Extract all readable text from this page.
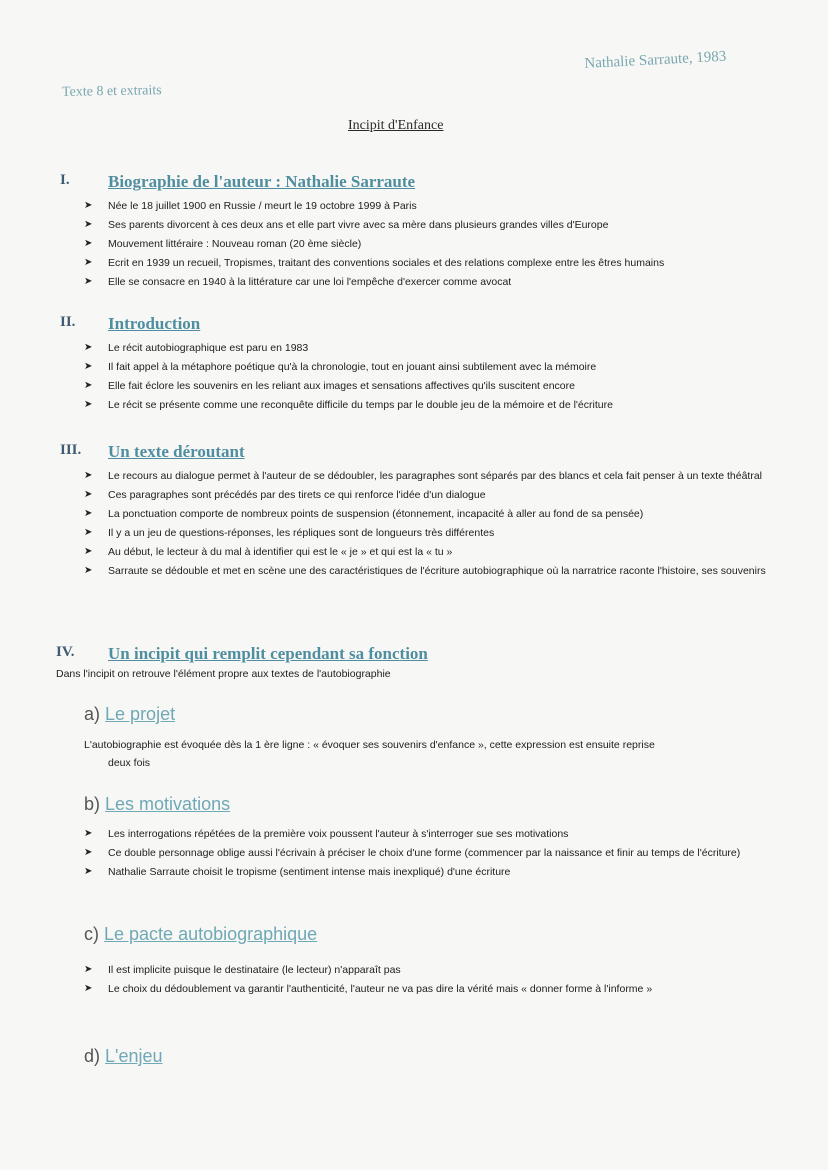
Texte 8 et extraits
Nathalie Sarraute, 1983
Incipit d'Enfance
I. Biographie de l'auteur : Nathalie Sarraute
➤ Née le 18 juillet 1900 en Russie / meurt le 19 octobre 1999 à Paris
➤ Ses parents divorcent à ces deux ans et elle part vivre avec sa mère dans plusieurs grandes villes d'Europe
➤ Mouvement littéraire : Nouveau roman (20 ème siècle)
➤ Ecrit en 1939 un recueil, Tropismes, traitant des conventions sociales et des relations complexe entre les êtres humains
➤ Elle se consacre en 1940 à la littérature car une loi l'empêche d'exercer comme avocat
II. Introduction
➤ Le récit autobiographique est paru en 1983
➤ Il fait appel à la métaphore poétique qu'à la chronologie, tout en jouant ainsi subtilement avec la mémoire
➤ Elle fait éclore les souvenirs en les reliant aux images et sensations affectives qu'ils suscitent encore
➤ Le récit se présente comme une reconquête difficile du temps par le double jeu de la mémoire et de l'écriture
III. Un texte déroutant
➤ Le recours au dialogue permet à l'auteur de se dédoubler, les paragraphes sont séparés par des blancs et cela fait penser à un texte théâtral
➤ Ces paragraphes sont précédés par des tirets ce qui renforce l'idée d'un dialogue
➤ La ponctuation comporte de nombreux points de suspension (étonnement, incapacité à aller au fond de sa pensée)
➤ Il y a un jeu de questions-réponses, les répliques sont de longueurs très différentes
➤ Au début, le lecteur à du mal à identifier qui est le « je » et qui est la « tu »
➤ Sarraute se dédouble et met en scène une des caractéristiques de l'écriture autobiographique où la narratrice raconte l'histoire, ses souvenirs
IV. Un incipit qui remplit cependant sa fonction
Dans l'incipit on retrouve l'élément propre aux textes de l'autobiographie
a) Le projet
L'autobiographie est évoquée dès la 1 ère ligne : « évoquer ses souvenirs d'enfance », cette expression est ensuite reprise
deux fois
b) Les motivations
➤ Les interrogations répétées de la première voix poussent l'auteur à s'interroger sue ses motivations
➤ Ce double personnage oblige aussi l'écrivain à préciser le choix d'une forme (commencer par la naissance et finir au temps de l'écriture)
➤ Nathalie Sarraute choisit le tropisme (sentiment intense mais inexpliqué) d'une écriture
c) Le pacte autobiographique
➤ Il est implicite puisque le destinataire (le lecteur) n'apparaît pas
➤ Le choix du dédoublement va garantir l'authenticité, l'auteur ne va pas dire la vérité mais « donner forme à l'informe »
d) L'enjeu
